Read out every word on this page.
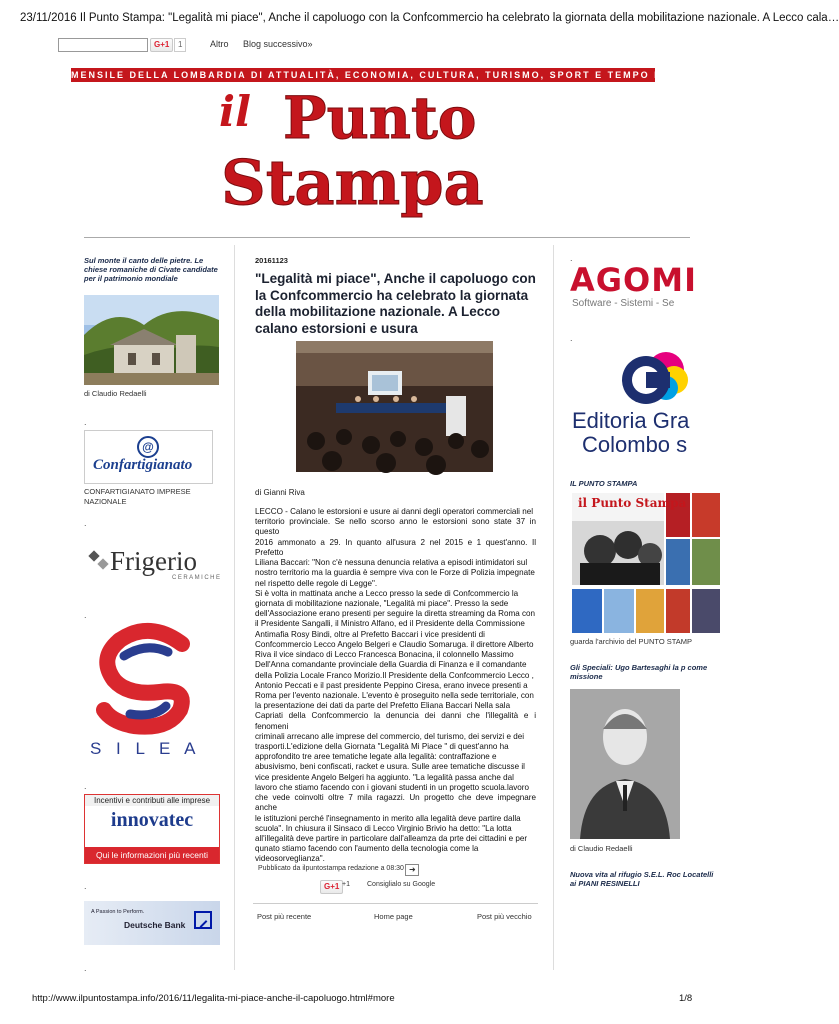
23/11/2016 Il Punto Stampa: "Legalità mi piace", Anche il capoluogo con la Confcommercio ha celebrato la giornata della mobilitazione nazionale. A Lecco cala…
G+1	1	Altro Blog successivo»
MENSILE DELLA LOMBARDIA DI ATTUALITÀ, ECONOMIA, CULTURA, TURISMO, SPORT E TEMPO LIBERO
il Punto
Stampa
Sul monte il canto delle pietre. Le chiese romaniche di Civate candidate per il patrimonio mondiale
di Claudio Redaelli
.
@
Confartigianato
CONFARTIGIANATO IMPRESE NAZIONALE
.
Frigerio
CERAMICHE
.
S I L E A
.
Incentivi e contributi alle imprese
innovatec
Qui le informazioni più recenti
.
A Passion to Perform.
Deutsche Bank
.
20161123
"Legalità mi piace", Anche il capoluogo con la Confcommercio ha celebrato la giornata della mobilitazione nazionale. A Lecco calano estorsioni e usura
di Gianni Riva

LECCO - Calano le estorsioni e usure ai danni degli operatori commerciali nel

territorio provinciale. Se nello scorso anno le estorsioni sono state 37 in questo

2016 ammonato a 29. In quanto all'usura 2 nel 2015 e 1 quest'anno. Il Prefetto

Liliana Baccari: "Non c'è nessuna denuncia relativa a episodi intimidatori sul

nostro territorio ma la guardia è sempre viva con le Forze di Polizia impegnate

nel rispetto delle regole di Legge".

Si è volta in mattinata anche a Lecco presso la sede di Confcommercio la

giornata di mobilitazione nazionale, "Legalità mi piace". Presso la sede

dell'Associazione erano presenti per seguire la diretta streaming da Roma con

il Presidente Sangalli, il Ministro Alfano, ed il Presidente della Commissione

Antimafia Rosy Bindi, oltre al Prefetto Baccari i vice presidenti di

Confcommercio Lecco Angelo Belgeri e Claudio Somaruga. il direttore Alberto

Riva il vice sindaco di Lecco Francesca Bonacina, il colonnello Massimo

Dell'Anna comandante provinciale della Guardia di Finanza e il comandante

della Polizia Locale Franco Morizio.Il Presidente della Confcommercio Lecco ,

Antonio Peccati e il past presidente Peppino Ciresa, erano invece presenti a

Roma per l'evento nazionale. L'evento è proseguito nella sede territoriale, con

la presentazione dei dati da parte del Prefetto Eliana Baccari Nella sala

Capriati della Confcommercio la denuncia dei danni che l'illegalità e i fenomeni

criminali arrecano alle imprese del commercio, del turismo, dei servizi e dei

trasporti.L'edizione della Giornata "Legalità Mi Piace " di quest'anno ha

approfondito tre aree tematiche legate alla legalità: contraffazione e

abusivismo, beni confiscati, racket e usura. Sulle aree tematiche discusse il

vice presidente Angelo Belgeri ha aggiunto. "La legalità passa anche dal

lavoro che stiamo facendo con i giovani studenti in un progetto scuola.lavoro

che vede coinvolti oltre 7 mila ragazzi. Un progetto che deve impegnare anche

le istituzioni perché l'insegnamento in merito alla legalità deve partire dalla

scuola". In chiusura il Sinsaco di Lecco Virginio Brivio ha detto: "La lotta

all'illegalità deve partire in particolare dall'alleamza da prte dei cittadini e per

qunato stiamo facendo con l'aumento della tecnologia come la

videosorveglianza".

Pubblicato da ilpuntostampa redazione a 08:30 ➜
G+1 +1 Consiglialo su Google
Post più recente	Home page	Post più vecchio
.
AGOMI
Software - Sistemi - Se
.
Editoria Gra
Colombo s
IL PUNTO STAMPA
il Punto Stampa
guarda l'archivio del PUNTO STAMP
Gli Speciali: Ugo Bartesaghi la p come missione
di Claudio Redaelli
Nuova vita al rifugio S.E.L. Roc Locatelli ai PIANI RESINELLI
http://www.ilpuntostampa.info/2016/11/legalita-mi-piace-anche-il-capoluogo.html#more	1/8
